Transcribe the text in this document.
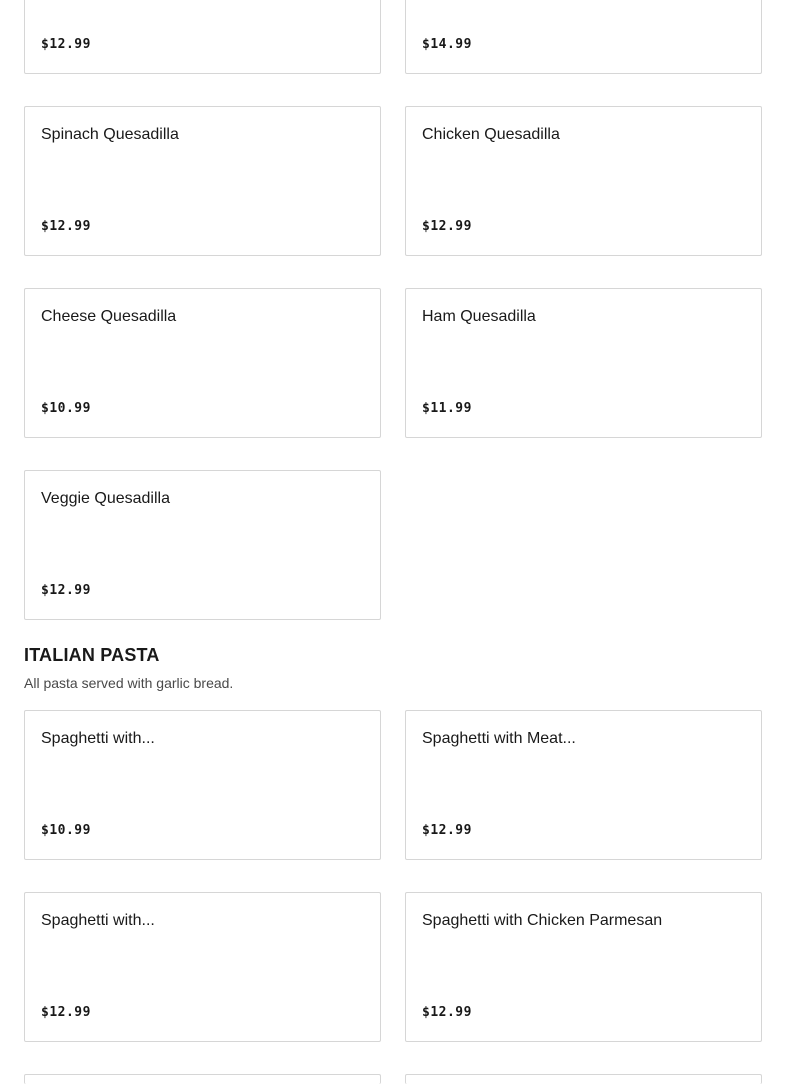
$12.99	$14.99
Spinach Quesadilla
$12.99
Chicken Quesadilla
$12.99
Cheese Quesadilla
$10.99
Ham Quesadilla
$11.99
Veggie Quesadilla
$12.99
ITALIAN PASTA

All pasta served with garlic bread.

Spaghetti with...
$10.99
Spaghetti with Meat...
$12.99
Spaghetti with...
$12.99
Spaghetti with Chicken Parmesan
$12.99
